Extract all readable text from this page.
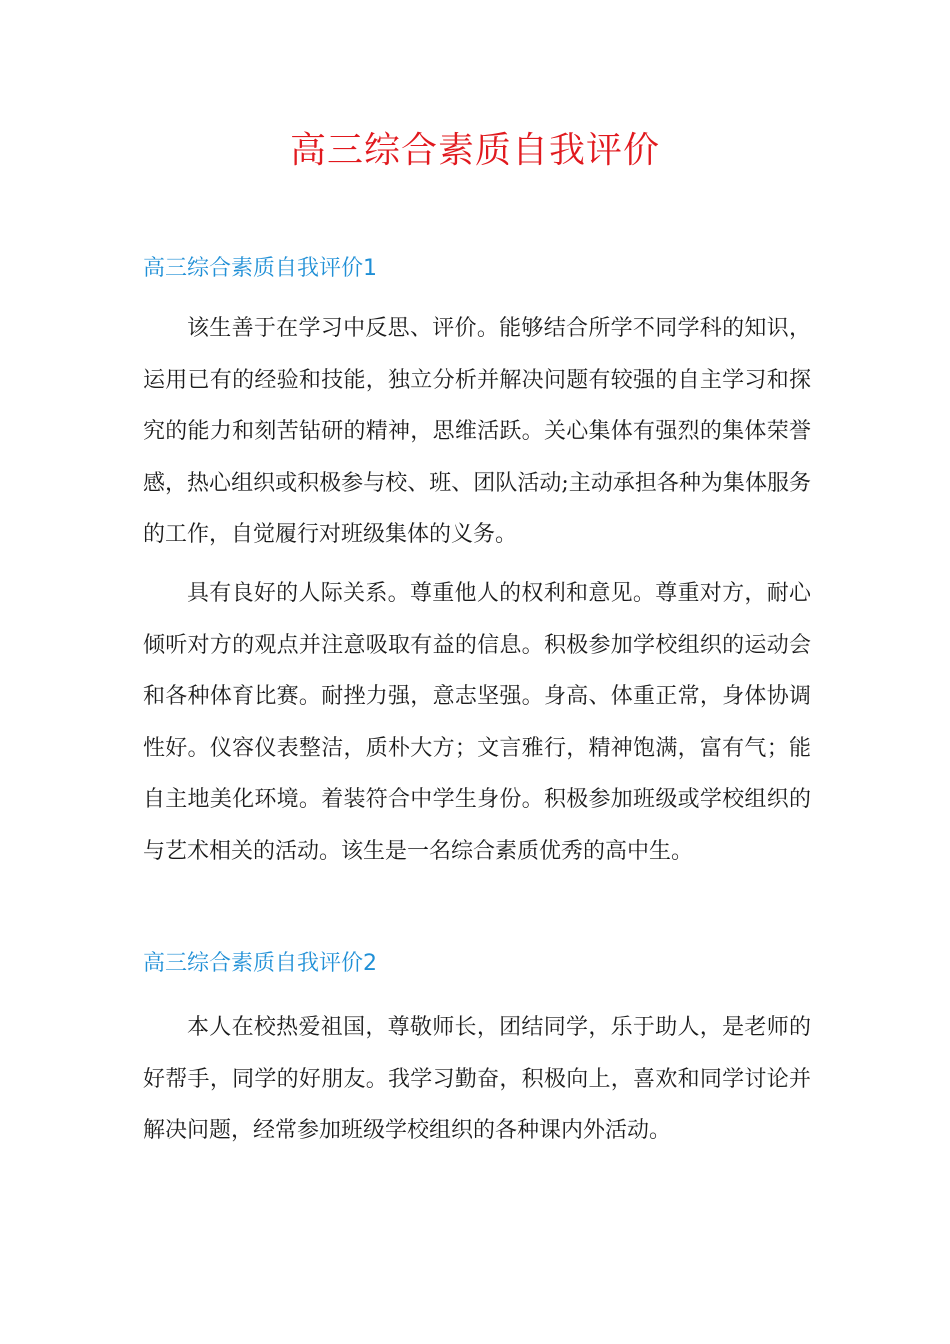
高三综合素质自我评价
高三综合素质自我评价1

该生善于在学习中反思、评价。能够结合所学不同学科的知识，运用已有的经验和技能，独立分析并解决问题有较强的自主学习和探究的能力和刻苦钻研的精神，思维活跃。关心集体有强烈的集体荣誉感，热心组织或积极参与校、班、团队活动;主动承担各种为集体服务的工作，自觉履行对班级集体的义务。

具有良好的人际关系。尊重他人的权利和意见。尊重对方，耐心倾听对方的观点并注意吸取有益的信息。积极参加学校组织的运动会和各种体育比赛。耐挫力强，意志坚强。身高、体重正常，身体协调性好。仪容仪表整洁，质朴大方；文言雅行，精神饱满，富有气；能自主地美化环境。着装符合中学生身份。积极参加班级或学校组织的与艺术相关的活动。该生是一名综合素质优秀的高中生。

高三综合素质自我评价2

本人在校热爱祖国，尊敬师长，团结同学，乐于助人，是老师的好帮手，同学的好朋友。我学习勤奋，积极向上，喜欢和同学讨论并解决问题，经常参加班级学校组织的各种课内外活动。
